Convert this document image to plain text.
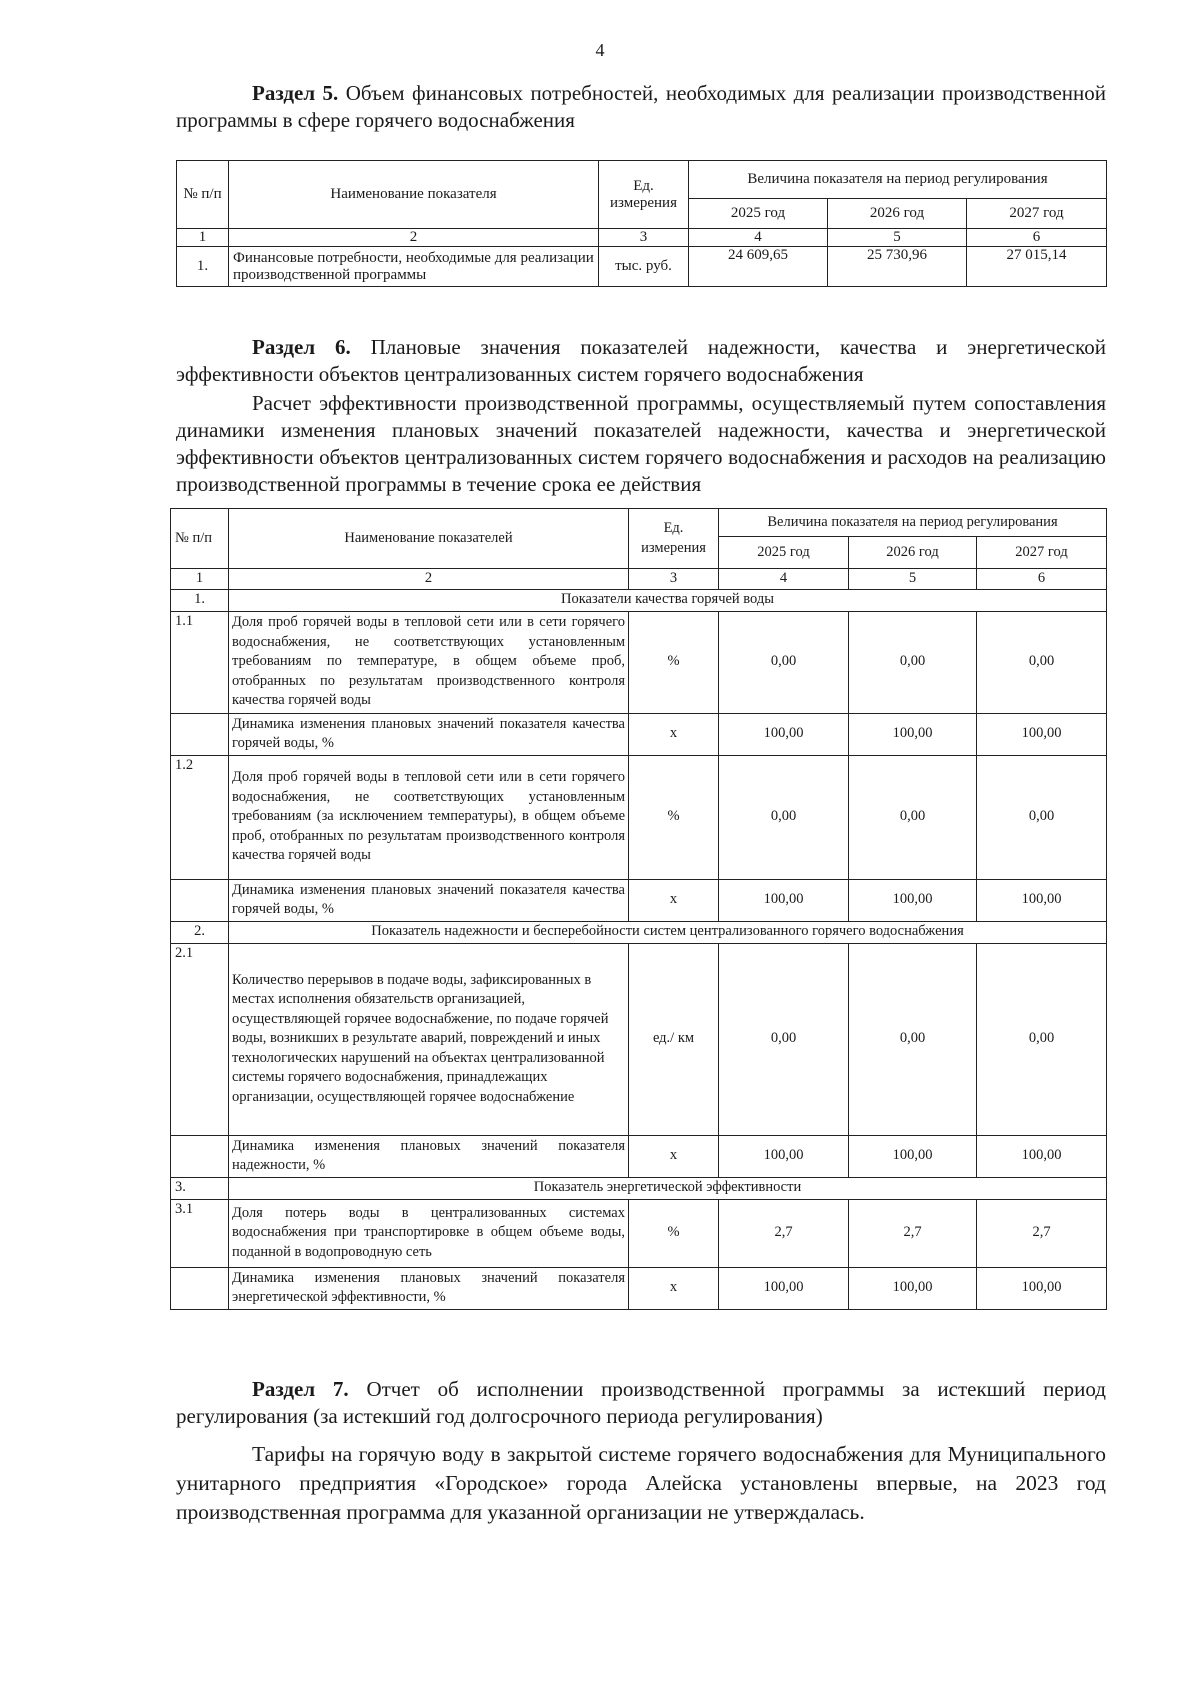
4

Раздел 5. Объем финансовых потребностей, необходимых для реализации производственной программы в сфере горячего водоснабжения

№ п/п	Наименование показателя	Ед. измерения	Величина показателя на период регулирования		
			2025 год	2026 год	2027 год
1	2	3	4	5	6
1.	Финансовые потребности, необходимые для реализации производственной программы	тыс. руб.	24 609,65	25 730,96	27 015,14

Раздел 6. Плановые значения показателей надежности, качества и энергетической эффективности объектов централизованных систем горячего водоснабжения

Расчет эффективности производственной программы, осуществляемый путем сопоставления динамики изменения плановых значений показателей надежности, качества и энергетической эффективности объектов централизованных систем горячего водоснабжения и расходов на реализацию производственной программы в течение срока ее действия

№ п/п	Наименование показателей	Ед. измерения	Величина показателя на период регулирования		
			2025 год	2026 год	2027 год
1	2	3	4	5	6
1.	Показатели качества горячей воды				
1.1	Доля проб горячей воды в тепловой сети или в сети горячего водоснабжения, не соответствующих установленным требованиям по температуре, в общем объеме проб, отобранных по результатам производственного контроля качества горячей воды	%	0,00	0,00	0,00
	Динамика изменения плановых значений показателя качества горячей воды, %	х	100,00	100,00	100,00
1.2	Доля проб горячей воды в тепловой сети или в сети горячего водоснабжения, не соответствующих установленным требованиям (за исключением температуры), в общем объеме проб, отобранных по результатам производственного контроля качества горячей воды	%	0,00	0,00	0,00
	Динамика изменения плановых значений показателя качества горячей воды, %	х	100,00	100,00	100,00
2.	Показатель надежности и бесперебойности систем централизованного горячего водоснабжения				
2.1	Количество перерывов в подаче воды, зафиксированных в местах исполнения обязательств организацией, осуществляющей горячее водоснабжение, по подаче горячей воды, возникших в результате аварий, повреждений и иных технологических нарушений на объектах централизованной системы горячего водоснабжения, принадлежащих организации, осуществляющей горячее водоснабжение	ед./ км	0,00	0,00	0,00
	Динамика изменения плановых значений показателя надежности, %	х	100,00	100,00	100,00
3.	Показатель энергетической эффективности				
3.1	Доля потерь воды в централизованных системах водоснабжения при транспортировке в общем объеме воды, поданной в водопроводную сеть	%	2,7	2,7	2,7
	Динамика изменения плановых значений показателя энергетической эффективности, %	х	100,00	100,00	100,00

Раздел 7. Отчет об исполнении производственной программы за истекший период регулирования (за истекший год долгосрочного периода регулирования)

Тарифы на горячую воду в закрытой системе горячего водоснабжения для Муниципального унитарного предприятия «Городское» города Алейска установлены впервые, на 2023 год производственная программа для указанной организации не утверждалась.
